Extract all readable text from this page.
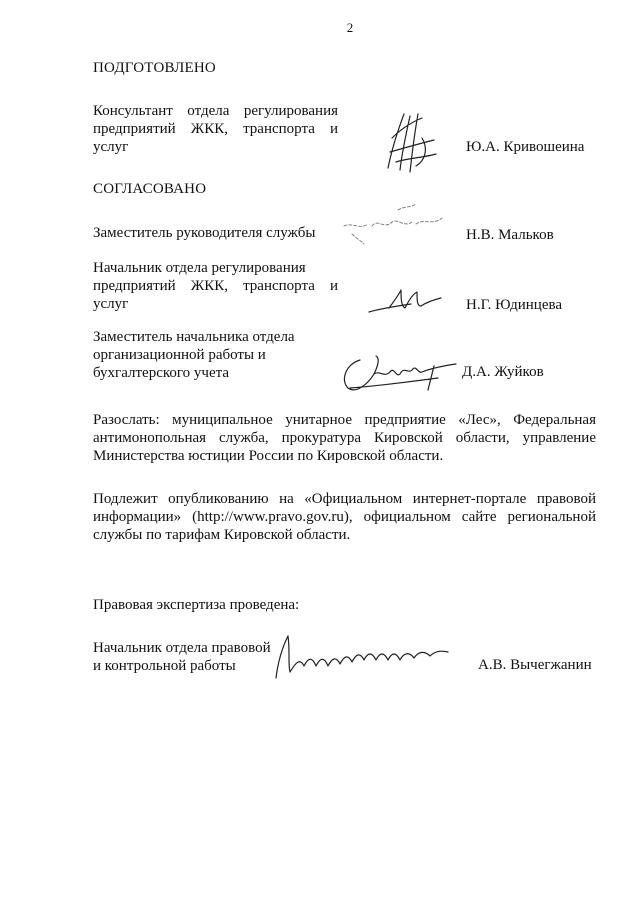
2
ПОДГОТОВЛЕНО
Консультант отдела регулирования
предприятий ЖКК, транспорта и
услуг	Ю.А. Кривошеина
СОГЛАСОВАНО
Заместитель руководителя службы	Н.В. Мальков
Начальник отдела регулирования
предприятий ЖКК, транспорта и
услуг	Н.Г. Юдинцева
Заместитель начальника отдела
организационной работы и
бухгалтерского учета	Д.А. Жуйков
Разослать: муниципальное унитарное предприятие «Лес», Федеральная
антимонопольная служба, прокуратура Кировской области, управление
Министерства юстиции России по Кировской области.
Подлежит опубликованию на «Официальном интернет-портале правовой
информации» (http://www.pravo.gov.ru), официальном сайте региональной
службы по тарифам Кировской области.
Правовая экспертиза проведена:
Начальник отдела правовой
и контрольной работы	А.В. Вычегжанин
